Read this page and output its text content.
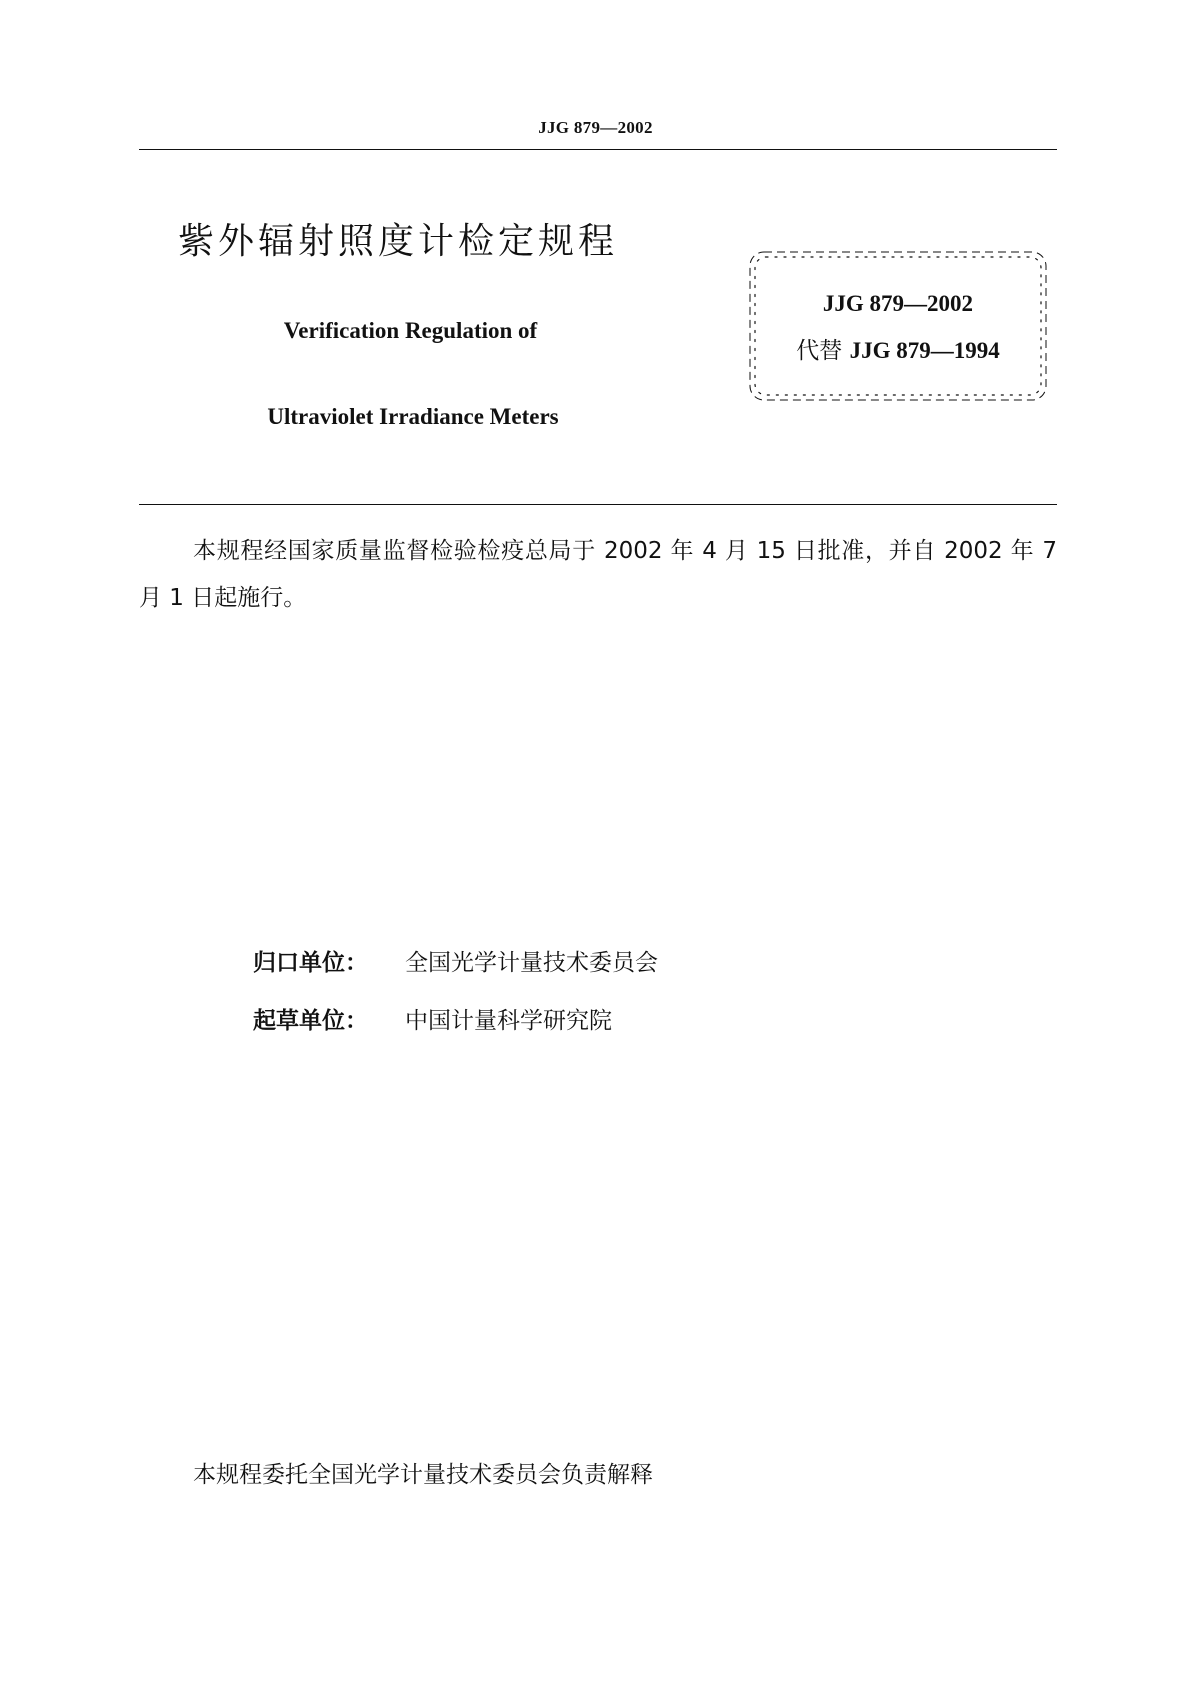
JJG 879—2002
紫外辐射照度计检定规程
Verification Regulation of
Ultraviolet Irradiance Meters
JJG 879—2002
代替 JJG 879—1994
本规程经国家质量监督检验检疫总局于 2002 年 4 月 15 日批准，并自 2002 年 7 月 1 日起施行。
归口单位： 全国光学计量技术委员会
起草单位： 中国计量科学研究院
本规程委托全国光学计量技术委员会负责解释
